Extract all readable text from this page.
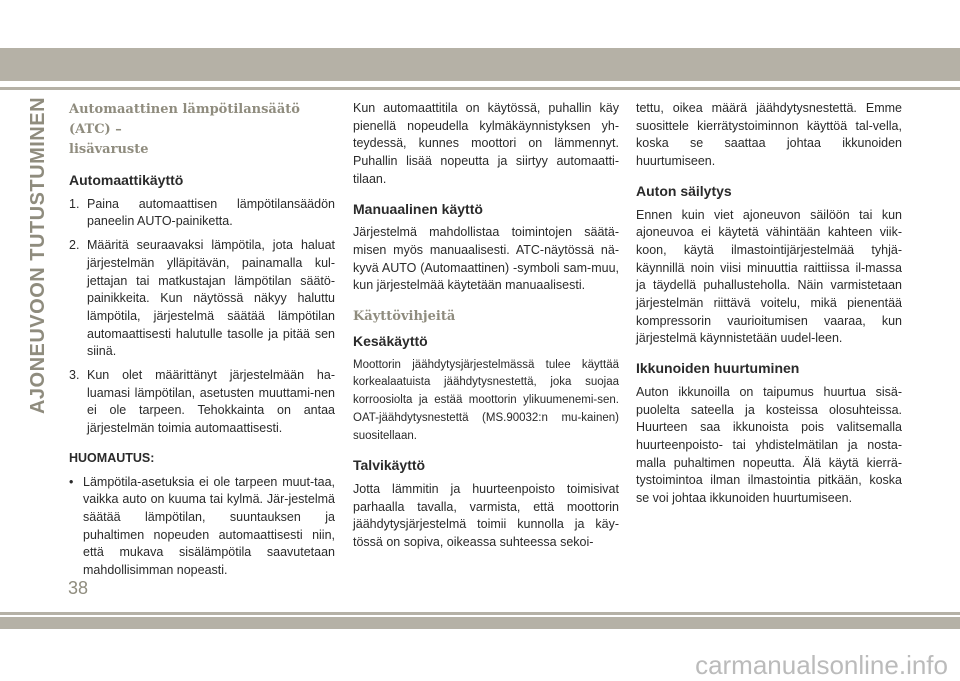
AJONEUVOON TUTUSTUMINEN Automaattinen lämpötilansäätö (ATC) –
lisävaruste
Automaattikäyttö
1. Paina automaattisen lämpötilansäädön paneelin AUTO-painiketta.
2. Määritä seuraavaksi lämpötila, jota haluat järjestelmän ylläpitävän, painamalla kul-jettajan tai matkustajan lämpötilan säätö-painikkeita. Kun näytössä näkyy haluttu lämpötila, järjestelmä säätää lämpötilan automaattisesti halutulle tasolle ja pitää sen siinä.
3. Kun olet määrittänyt järjestelmään ha-luamasi lämpötilan, asetusten muuttami-nen ei ole tarpeen. Tehokkainta on antaa järjestelmän toimia automaattisesti.
HUOMAUTUS:
• Lämpötila-asetuksia ei ole tarpeen muut-taa, vaikka auto on kuuma tai kylmä. Jär-jestelmä säätää lämpötilan, suuntauksen ja puhaltimen nopeuden automaattisesti niin, että mukava sisälämpötila saavutetaan mahdollisimman nopeasti.

Kun automaattitila on käytössä, puhallin käy pienellä nopeudella kylmäkäynnistyksen yh-teydessä, kunnes moottori on lämmennyt. Puhallin lisää nopeutta ja siirtyy automaatti-tilaan.

Manuaalinen käyttö

Järjestelmä mahdollistaa toimintojen säätä-misen myös manuaalisesti. ATC-näytössä nä-kyvä AUTO (Automaattinen) -symboli sam-muu, kun järjestelmää käytetään manuaalisesti.

Käyttövihjeitä
Kesäkäyttö

Moottorin jäähdytysjärjestelmässä tulee käyttää korkealaatuista jäähdytysnestettä, joka suojaa korroosiolta ja estää moottorin ylikuumenemi-sen. OAT-jäähdytysnestettä (MS.90032:n mu-kainen) suositellaan.

Talvikäyttö

Jotta lämmitin ja huurteenpoisto toimisivat parhaalla tavalla, varmista, että moottorin jäähdytysjärjestelmä toimii kunnolla ja käy-tössä on sopiva, oikeassa suhteessa sekoi-

tettu, oikea määrä jäähdytysnestettä. Emme suosittele kierrätystoiminnon käyttöä tal-vella, koska se saattaa johtaa ikkunoiden huurtumiseen.

Auton säilytys

Ennen kuin viet ajoneuvon säilöön tai kun ajoneuvoa ei käytetä vähintään kahteen viik-koon, käytä ilmastointijärjestelmää tyhjä-käynnillä noin viisi minuuttia raittiissa il-massa ja täydellä puhallusteholla. Näin varmistetaan järjestelmän riittävä voitelu, mikä pienentää kompressorin vaurioitumisen vaaraa, kun järjestelmä käynnistetään uudel-leen.

Ikkunoiden huurtuminen

Auton ikkunoilla on taipumus huurtua sisä-puolelta sateella ja kosteissa olosuhteissa. Huurteen saa ikkunoista pois valitsemalla huurteenpoisto- tai yhdistelmätilan ja nosta-malla puhaltimen nopeutta. Älä käytä kierrä-tystoimintoa ilman ilmastointia pitkään, koska se voi johtaa ikkunoiden huurtumiseen.

38
carmanualsonline.info
